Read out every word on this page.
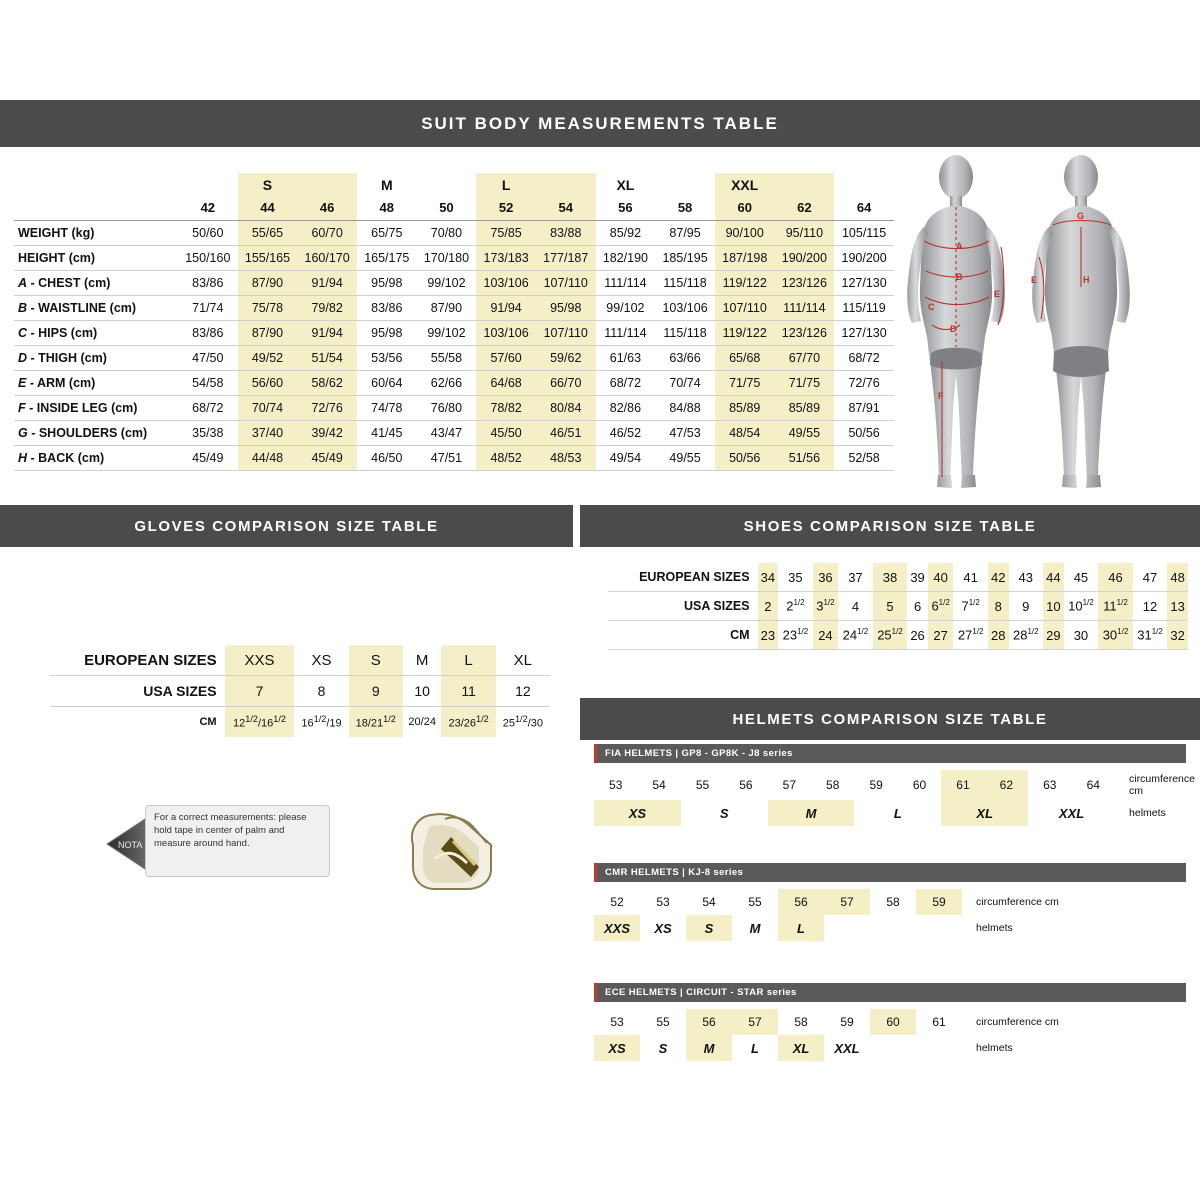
SUIT BODY MEASUREMENTS TABLE
		S		M		L		XL		XXL		
	42	44	46	48	50	52	54	56	58	60	62	64
WEIGHT (kg)	50/60	55/65	60/70	65/75	70/80	75/85	83/88	85/92	87/95	90/100	95/110	105/115
HEIGHT (cm)	150/160	155/165	160/170	165/175	170/180	173/183	177/187	182/190	185/195	187/198	190/200	190/200
A - CHEST (cm)	83/86	87/90	91/94	95/98	99/102	103/106	107/110	111/114	115/118	119/122	123/126	127/130
B - WAISTLINE (cm)	71/74	75/78	79/82	83/86	87/90	91/94	95/98	99/102	103/106	107/110	111/114	115/119
C - HIPS (cm)	83/86	87/90	91/94	95/98	99/102	103/106	107/110	111/114	115/118	119/122	123/126	127/130
D - THIGH (cm)	47/50	49/52	51/54	53/56	55/58	57/60	59/62	61/63	63/66	65/68	67/70	68/72
E - ARM (cm)	54/58	56/60	58/62	60/64	62/66	64/68	66/70	68/72	70/74	71/75	71/75	72/76
F - INSIDE LEG (cm)	68/72	70/74	72/76	74/78	76/80	78/82	80/84	82/86	84/88	85/89	85/89	87/91
G - SHOULDERS (cm)	35/38	37/40	39/42	41/45	43/47	45/50	46/51	46/52	47/53	48/54	49/55	50/56
H - BACK (cm)	45/49	44/48	45/49	46/50	47/51	48/52	48/53	49/54	49/55	50/56	51/56	52/58
A
B
C
D
E
F
G
E	H
GLOVES COMPARISON SIZE TABLE
EUROPEAN SIZES	XXS	XS	S	M	L	XL
USA SIZES	7	8	9	10	11	12
CM	$12^{1/2}/16^{1/2}$	$16^{1/2}/19$	$18/21^{1/2}$	20/24	$23/26^{1/2}$	$25^{1/2}/30$
NOTA
For a correct measurements: please hold tape in center of palm and measure around hand.
SHOES COMPARISON SIZE TABLE
EUROPEAN SIZES	34	35	36	37	38	39	40	41	42	43	44	45	46	47	48
USA SIZES	2	$2^{1/2}$	$3^{1/2}$	4	5	6	$6^{1/2}$	$7^{1/2}$	8	9	10	$10^{1/2}$	$11^{1/2}$	12	13
CM	23	$23^{1/2}$	24	$24^{1/2}$	$25^{1/2}$	26	27	$27^{1/2}$	28	$28^{1/2}$	29	30	$30^{1/2}$	$31^{1/2}$	32
HELMETS COMPARISON SIZE TABLE
FIA HELMETS | GP8 - GP8K - J8 series
53	54	55	56	57	58	59	60	61	62	63	64	circumference cm
XS		S		M		L		XL		XXL		helmets
CMR HELMETS | KJ-8 series
52	53	54	55	56	57	58	59	circumference cm
XXS	XS	S	M	L				helmets
ECE HELMETS | CIRCUIT - STAR series
53	55	56	57	58	59	60	61	circumference cm
XS	S	M	L	XL	XXL			helmets
